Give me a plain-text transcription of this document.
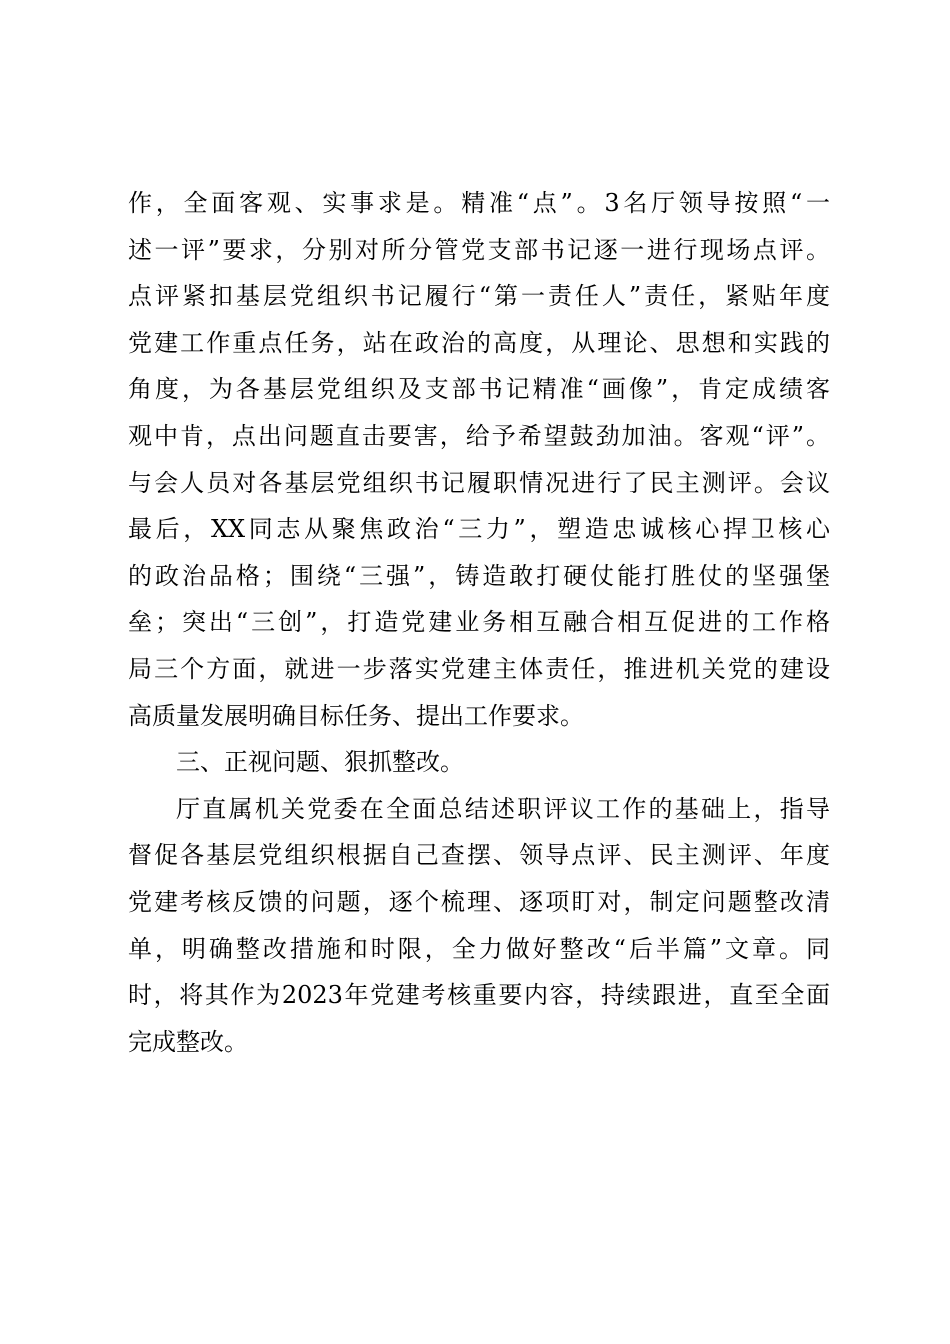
作，全面客观、实事求是。精准“点”。3名厅领导按照“一
述一评”要求，分别对所分管党支部书记逐一进行现场点评。
点评紧扣基层党组织书记履行“第一责任人”责任，紧贴年度
党建工作重点任务，站在政治的高度，从理论、思想和实践的
角度，为各基层党组织及支部书记精准“画像”，肯定成绩客
观中肯，点出问题直击要害，给予希望鼓劲加油。客观“评”。
与会人员对各基层党组织书记履职情况进行了民主测评。会议
最后，XX同志从聚焦政治“三力”，塑造忠诚核心捍卫核心
的政治品格；围绕“三强”，铸造敢打硬仗能打胜仗的坚强堡
垒；突出“三创”，打造党建业务相互融合相互促进的工作格
局三个方面，就进一步落实党建主体责任，推进机关党的建设
高质量发展明确目标任务、提出工作要求。
三、正视问题、狠抓整改。
厅直属机关党委在全面总结述职评议工作的基础上，指导
督促各基层党组织根据自己查摆、领导点评、民主测评、年度
党建考核反馈的问题，逐个梳理、逐项盯对，制定问题整改清
单，明确整改措施和时限，全力做好整改“后半篇”文章。同
时，将其作为2023年党建考核重要内容，持续跟进，直至全面
完成整改。
